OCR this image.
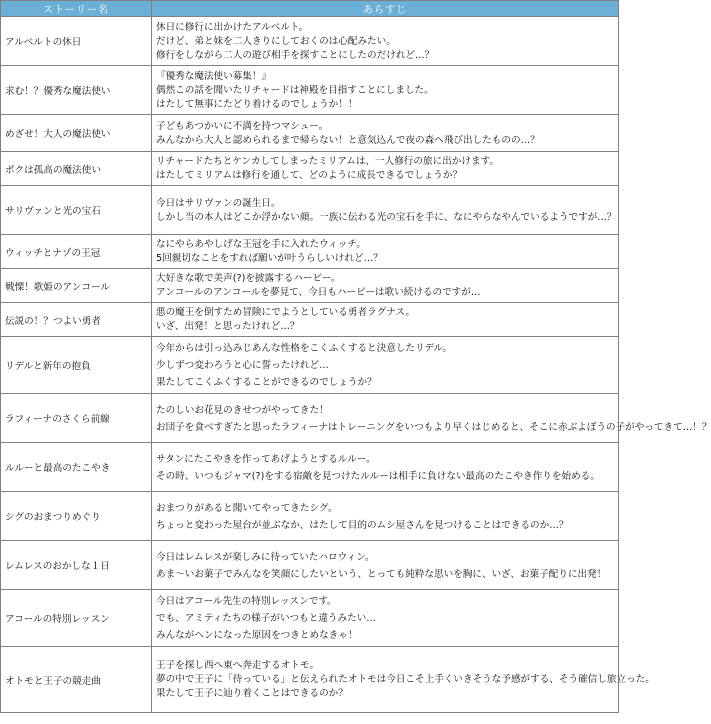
ストーリー名	あらすじ
アルベルトの休日	休日に修行に出かけたアルベルト。
だけど、弟と妹を二人きりにしておくのは心配みたい。
修行をしながら二人の遊び相手を探すことにしたのだけれど…？

求む！？優秀な魔法使い	『優秀な魔法使い募集！』
偶然この話を聞いたリチャードは神殿を目指すことにしました。
はたして無事にたどり着けるのでしょうか！！

めざせ！大人の魔法使い	子どもあつかいに不満を持つマシュー。
みんなから大人と認められるまで帰らない！と意気込んで夜の森へ飛び出したものの…？

ボクは孤高の魔法使い	リチャードたちとケンカしてしまったミリアムは、一人修行の旅に出かけます。
はたしてミリアムは修行を通して、どのように成長できるでしょうか？

サリヴァンと光の宝石	今日はサリヴァンの誕生日。
しかし当の本人はどこか浮かない顔。一族に伝わる光の宝石を手に、なにやらなやんでいるようですが…？

ウィッチとナゾの王冠	なにやらあやしげな王冠を手に入れたウィッチ。
5回親切なことをすれば願いが叶うらしいけれど…？

戦慄！歌姫のアンコール	大好きな歌で美声(?)を披露するハービー。
アンコールのアンコールを夢見て、今日もハービーは歌い続けるのですが…

伝説の！？つよい勇者	悪の魔王を倒すため冒険にでようとしている勇者ラグナス。
いざ、出発！と思ったけれど…？

リデルと新年の抱負	今年からは引っ込みじあんな性格をこくふくすると決意したリデル。
少しずつ変わろうと心に誓ったけれど…
果たしてこくふくすることができるのでしょうか？

ラフィーナのさくら前線	たのしいお花見のきせつがやってきた！
お団子を食べすぎたと思ったラフィーナはトレーニングをいつもより早くはじめると、そこに赤ぶよぼうの子がやってきて…！？

ルルーと最高のたこやき	サタンにたこやきを作ってあげようとするルルー。
その時、いつもジャマ(?)をする宿敵を見つけたルルーは相手に負けない最高のたこやき作りを始める。

シグのおまつりめぐり	おまつりがあると聞いてやってきたシグ。
ちょっと変わった屋台が並ぶなか、はたして目的のムシ屋さんを見つけることはできるのか…？

レムレスのおかしな１日	今日はレムレスが楽しみに待っていたハロウィン。
あま～いお菓子でみんなを笑顔にしたいという、とっても純粋な思いを胸に、いざ、お菓子配りに出発！

アコールの特別レッスン	今日はアコール先生の特別レッスンです。
でも、アミティたちの様子がいつもと違うみたい…
みんながヘンになった原因をつきとめなきゃ！

オトモと王子の競走曲	王子を探し西へ東へ奔走するオトモ。
夢の中で王子に「待っている」と伝えられたオトモは今日こそ上手くいきそうな予感がする、そう確信し旅立った。
果たして王子に辿り着くことはできるのか？
